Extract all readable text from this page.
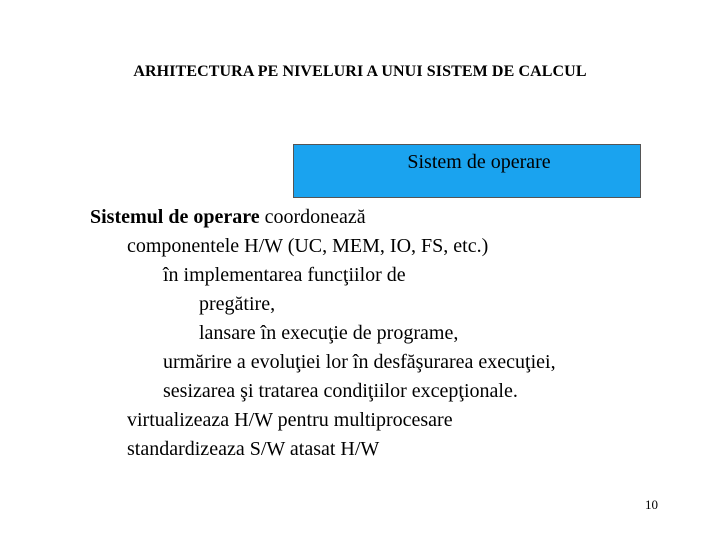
ARHITECTURA PE NIVELURI A UNUI SISTEM DE CALCUL
Sistem de operare
Sistemul de operare coordonează
componentele H/W (UC, MEM, IO, FS, etc.)
în implementarea funcţiilor de
pregătire,
lansare în execuţie de programe,
urmărire a evoluţiei lor în desfăşurarea execuţiei,
sesizarea şi tratarea condiţiilor excepţionale.
virtualizeaza H/W pentru multiprocesare
standardizeaza S/W atasat H/W
10
